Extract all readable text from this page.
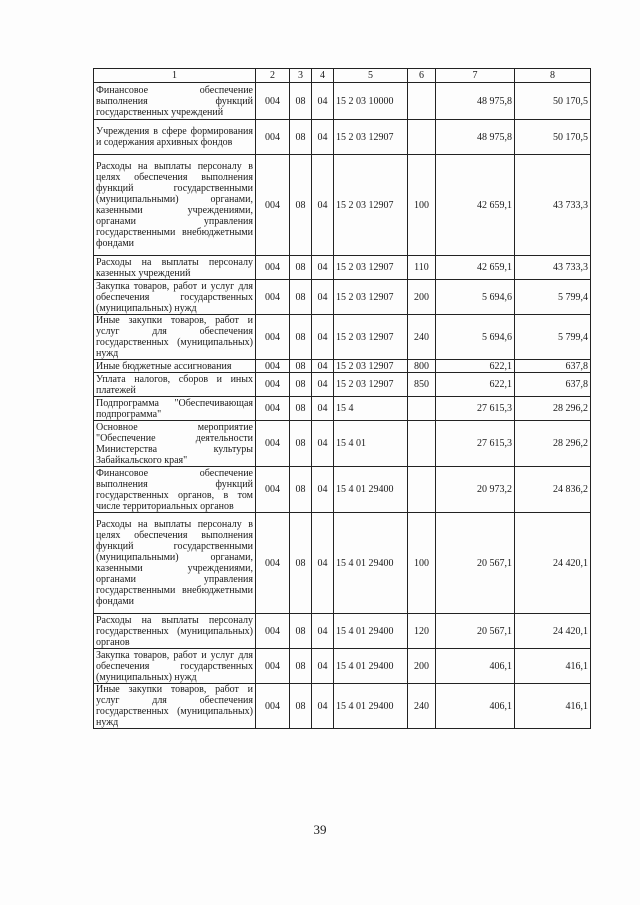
1	2	3	4	5	6	7	8
Финансовое обеспечение выполнения функций государственных учреждений	004	08	04	15 2 03 10000		48 975,8	50 170,5
Учреждения в сфере формирования и содержания архивных фондов	004	08	04	15 2 03 12907		48 975,8	50 170,5
Расходы на выплаты персоналу в целях обеспечения выполнения функций государственными (муниципальными) органами, казенными учреждениями, органами управления государственными внебюджетными фондами	004	08	04	15 2 03 12907	100	42 659,1	43 733,3
Расходы на выплаты персоналу казенных учреждений	004	08	04	15 2 03 12907	110	42 659,1	43 733,3
Закупка товаров, работ и услуг для обеспечения государственных (муниципальных) нужд	004	08	04	15 2 03 12907	200	5 694,6	5 799,4
Иные закупки товаров, работ и услуг для обеспечения государственных (муниципальных) нужд	004	08	04	15 2 03 12907	240	5 694,6	5 799,4
Иные бюджетные ассигнования	004	08	04	15 2 03 12907	800	622,1	637,8
Уплата налогов, сборов и иных платежей	004	08	04	15 2 03 12907	850	622,1	637,8
Подпрограмма "Обеспечивающая подпрограмма"	004	08	04	15 4		27 615,3	28 296,2
Основное мероприятие "Обеспечение деятельности Министерства культуры Забайкальского края"	004	08	04	15 4 01		27 615,3	28 296,2
Финансовое обеспечение выполнения функций государственных органов, в том числе территориальных органов	004	08	04	15 4 01 29400		20 973,2	24 836,2
Расходы на выплаты персоналу в целях обеспечения выполнения функций государственными (муниципальными) органами, казенными учреждениями, органами управления государственными внебюджетными фондами	004	08	04	15 4 01 29400	100	20 567,1	24 420,1
Расходы на выплаты персоналу государственных (муниципальных) органов	004	08	04	15 4 01 29400	120	20 567,1	24 420,1
Закупка товаров, работ и услуг для обеспечения государственных (муниципальных) нужд	004	08	04	15 4 01 29400	200	406,1	416,1
Иные закупки товаров, работ и услуг для обеспечения государственных (муниципальных) нужд	004	08	04	15 4 01 29400	240	406,1	416,1
39
